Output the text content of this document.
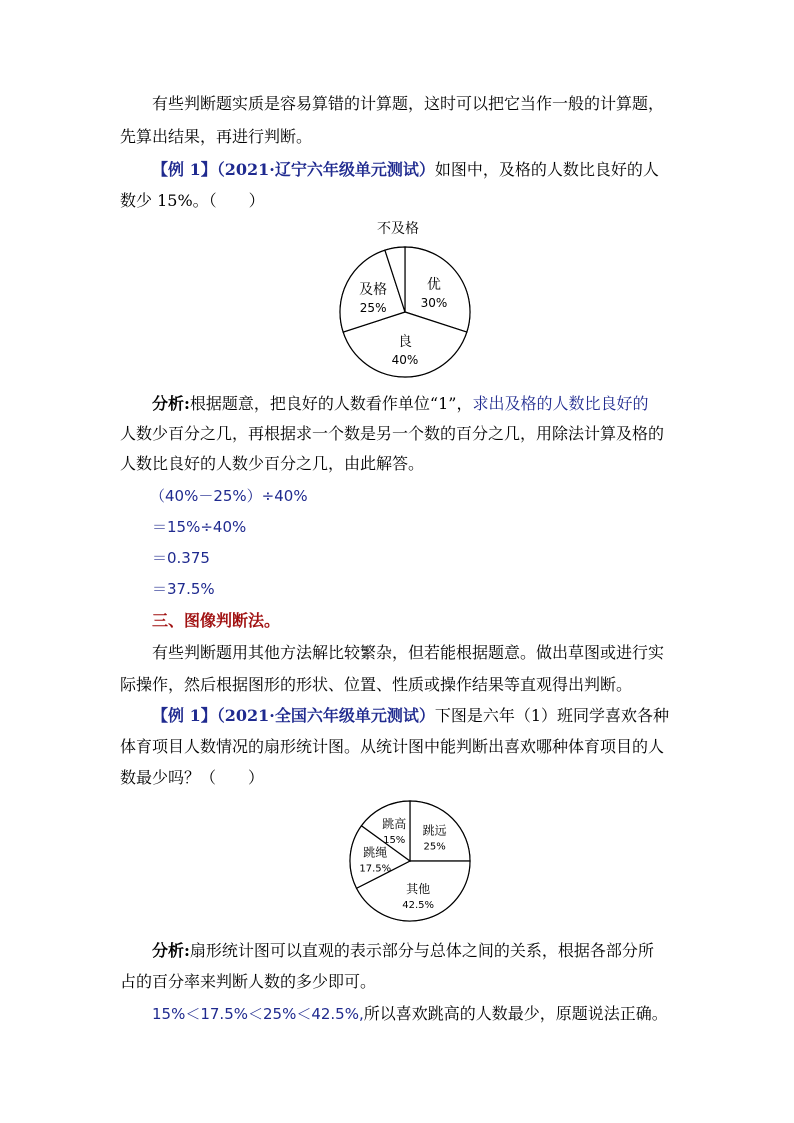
有些判断题实质是容易算错的计算题，这时可以把它当作一般的计算题，
先算出结果，再进行判断。
【例 1】（2021·辽宁六年级单元测试）如图中，及格的人数比良好的人
数少 15%。（　　）
优
30%
良
40%
及格
25%
不及格
分析:根据题意，把良好的人数看作单位“1”，求出及格的人数比良好的
人数少百分之几，再根据求一个数是另一个数的百分之几，用除法计算及格的
人数比良好的人数少百分之几，由此解答。
（40%－25%）÷40%
＝15%÷40%
＝0.375
＝37.5%
三、图像判断法。
有些判断题用其他方法解比较繁杂，但若能根据题意。做出草图或进行实
际操作，然后根据图形的形状、位置、性质或操作结果等直观得出判断。
【例 1】（2021·全国六年级单元测试）下图是六年（1）班同学喜欢各种
体育项目人数情况的扇形统计图。从统计图中能判断出喜欢哪种体育项目的人
数最少吗？（　　）
跳远
25%
其他
42.5%
跳绳
17.5%
跳高
15%
分析:扇形统计图可以直观的表示部分与总体之间的关系，根据各部分所
占的百分率来判断人数的多少即可。
15%＜17.5%＜25%＜42.5%,所以喜欢跳高的人数最少，原题说法正确。
